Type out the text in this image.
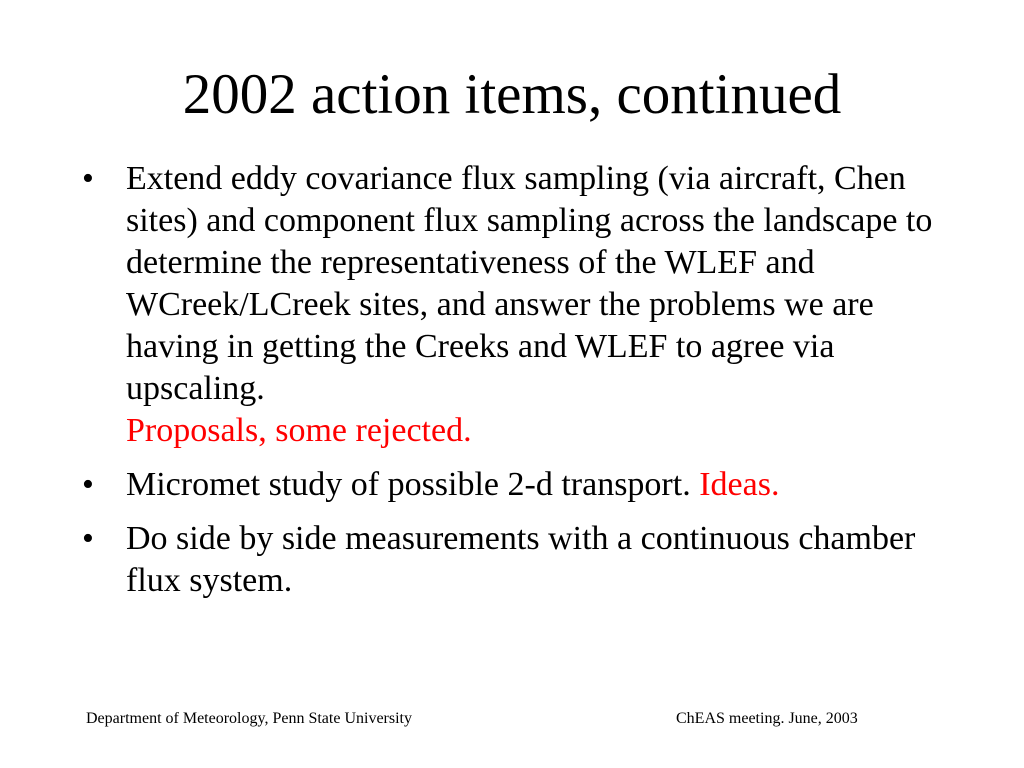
2002 action items, continued
• Extend eddy covariance flux sampling (via aircraft, Chen sites) and component flux sampling across the landscape to determine the representativeness of the WLEF and WCreek/LCreek sites, and answer the problems we are having in getting the Creeks and WLEF to agree via upscaling.
Proposals, some rejected.
• Micromet study of possible 2-d transport. Ideas.
• Do side by side measurements with a continuous chamber flux system.
Department of Meteorology, Penn State University	ChEAS meeting. June, 2003
